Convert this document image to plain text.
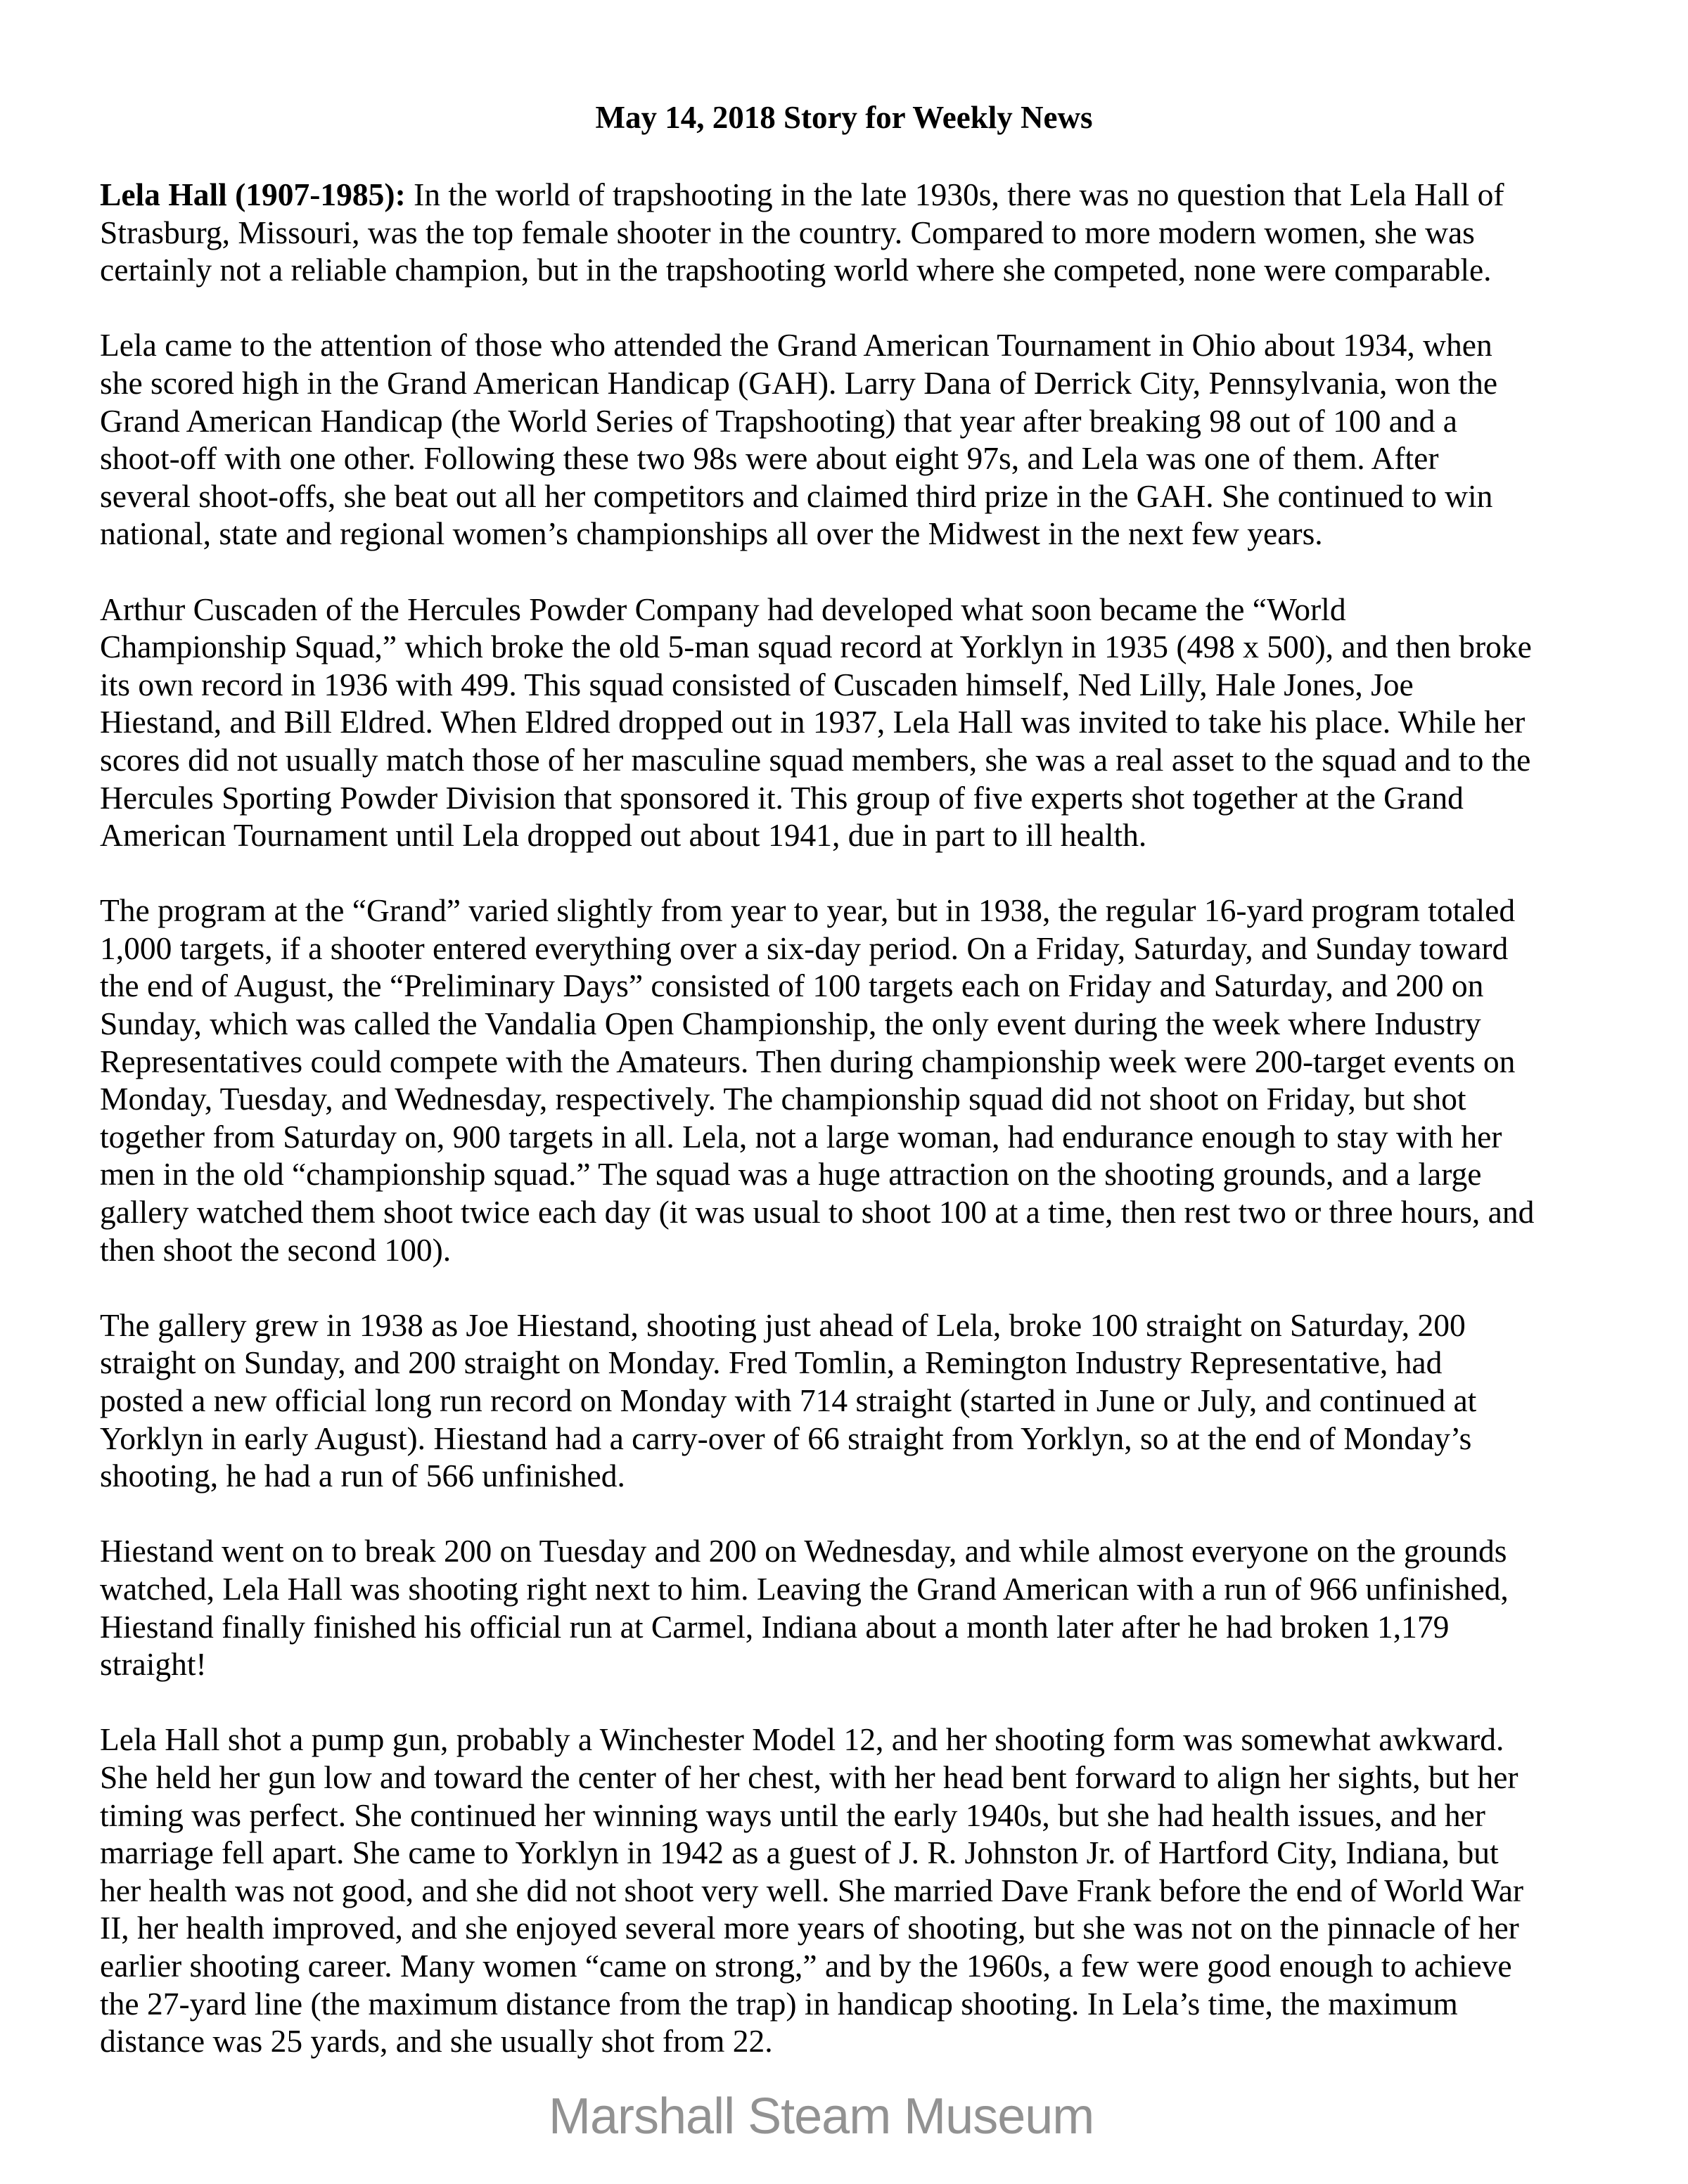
May 14, 2018 Story for Weekly News
Lela Hall (1907-1985): In the world of trapshooting in the late 1930s, there was no question that Lela Hall of
Strasburg, Missouri, was the top female shooter in the country. Compared to more modern women, she was
certainly not a reliable champion, but in the trapshooting world where she competed, none were comparable.
Lela came to the attention of those who attended the Grand American Tournament in Ohio about 1934, when
she scored high in the Grand American Handicap (GAH). Larry Dana of Derrick City, Pennsylvania, won the
Grand American Handicap (the World Series of Trapshooting) that year after breaking 98 out of 100 and a
shoot-off with one other. Following these two 98s were about eight 97s, and Lela was one of them. After
several shoot-offs, she beat out all her competitors and claimed third prize in the GAH. She continued to win
national, state and regional women’s championships all over the Midwest in the next few years.
Arthur Cuscaden of the Hercules Powder Company had developed what soon became the “World
Championship Squad,” which broke the old 5-man squad record at Yorklyn in 1935 (498 x 500), and then broke
its own record in 1936 with 499. This squad consisted of Cuscaden himself, Ned Lilly, Hale Jones, Joe
Hiestand, and Bill Eldred. When Eldred dropped out in 1937, Lela Hall was invited to take his place. While her
scores did not usually match those of her masculine squad members, she was a real asset to the squad and to the
Hercules Sporting Powder Division that sponsored it. This group of five experts shot together at the Grand
American Tournament until Lela dropped out about 1941, due in part to ill health.
The program at the “Grand” varied slightly from year to year, but in 1938, the regular 16-yard program totaled
1,000 targets, if a shooter entered everything over a six-day period. On a Friday, Saturday, and Sunday toward
the end of August, the “Preliminary Days” consisted of 100 targets each on Friday and Saturday, and 200 on
Sunday, which was called the Vandalia Open Championship, the only event during the week where Industry
Representatives could compete with the Amateurs. Then during championship week were 200-target events on
Monday, Tuesday, and Wednesday, respectively. The championship squad did not shoot on Friday, but shot
together from Saturday on, 900 targets in all. Lela, not a large woman, had endurance enough to stay with her
men in the old “championship squad.” The squad was a huge attraction on the shooting grounds, and a large
gallery watched them shoot twice each day (it was usual to shoot 100 at a time, then rest two or three hours, and
then shoot the second 100).
The gallery grew in 1938 as Joe Hiestand, shooting just ahead of Lela, broke 100 straight on Saturday, 200
straight on Sunday, and 200 straight on Monday. Fred Tomlin, a Remington Industry Representative, had
posted a new official long run record on Monday with 714 straight (started in June or July, and continued at
Yorklyn in early August). Hiestand had a carry-over of 66 straight from Yorklyn, so at the end of Monday’s
shooting, he had a run of 566 unfinished.
Hiestand went on to break 200 on Tuesday and 200 on Wednesday, and while almost everyone on the grounds
watched, Lela Hall was shooting right next to him. Leaving the Grand American with a run of 966 unfinished,
Hiestand finally finished his official run at Carmel, Indiana about a month later after he had broken 1,179
straight!
Lela Hall shot a pump gun, probably a Winchester Model 12, and her shooting form was somewhat awkward.
She held her gun low and toward the center of her chest, with her head bent forward to align her sights, but her
timing was perfect. She continued her winning ways until the early 1940s, but she had health issues, and her
marriage fell apart. She came to Yorklyn in 1942 as a guest of J. R. Johnston Jr. of Hartford City, Indiana, but
her health was not good, and she did not shoot very well. She married Dave Frank before the end of World War
II, her health improved, and she enjoyed several more years of shooting, but she was not on the pinnacle of her
earlier shooting career. Many women “came on strong,” and by the 1960s, a few were good enough to achieve
the 27-yard line (the maximum distance from the trap) in handicap shooting. In Lela’s time, the maximum
distance was 25 yards, and she usually shot from 22.
Marshall Steam Museum
